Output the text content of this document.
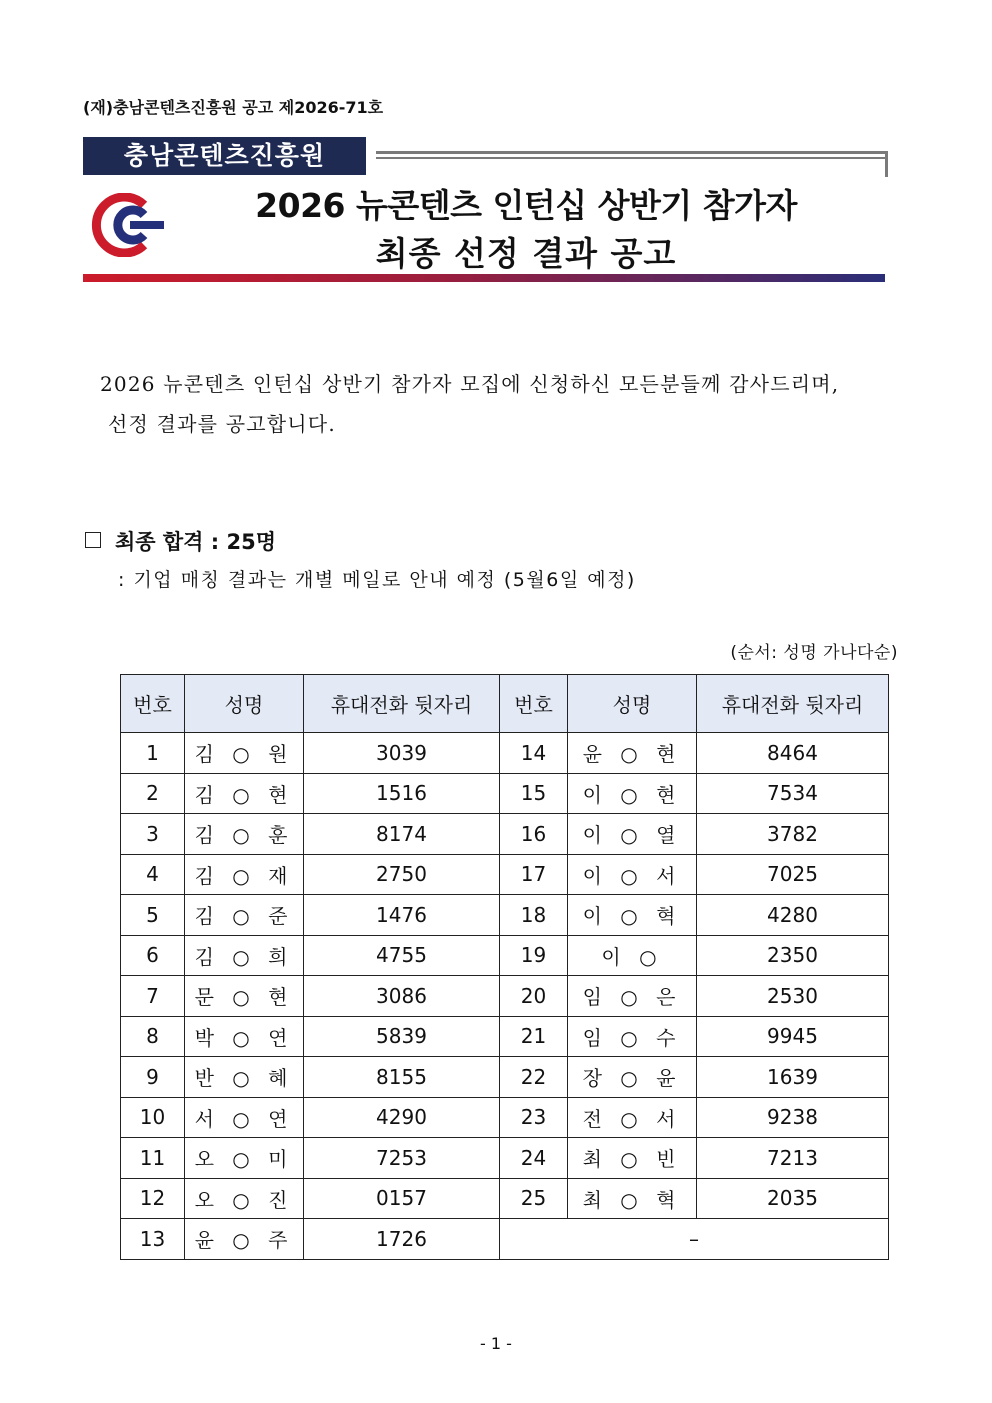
(재)충남콘텐츠진흥원 공고 제2026-71호
충남콘텐츠진흥원
2026 뉴콘텐츠 인턴십 상반기 참가자
최종 선정 결과 공고
2026 뉴콘텐츠 인턴십 상반기 참가자 모집에 신청하신 모든분들께 감사드리며,
선정 결과를 공고합니다.
최종 합격 : 25명
: 기업 매칭 결과는 개별 메일로 안내 예정 (5월6일 예정)
(순서: 성명 가나다순)
번호	성명	휴대전화 뒷자리	번호	성명	휴대전화 뒷자리
1	김 ○ 원	3039	14	윤 ○ 현	8464
2	김 ○ 현	1516	15	이 ○ 현	7534
3	김 ○ 훈	8174	16	이 ○ 열	3782
4	김 ○ 재	2750	17	이 ○ 서	7025
5	김 ○ 준	1476	18	이 ○ 혁	4280
6	김 ○ 희	4755	19	이 ○	2350
7	문 ○ 현	3086	20	임 ○ 은	2530
8	박 ○ 연	5839	21	임 ○ 수	9945
9	반 ○ 혜	8155	22	장 ○ 윤	1639
10	서 ○ 연	4290	23	전 ○ 서	9238
11	오 ○ 미	7253	24	최 ○ 빈	7213
12	오 ○ 진	0157	25	최 ○ 혁	2035
13	윤 ○ 주	1726	–		
- 1 -
